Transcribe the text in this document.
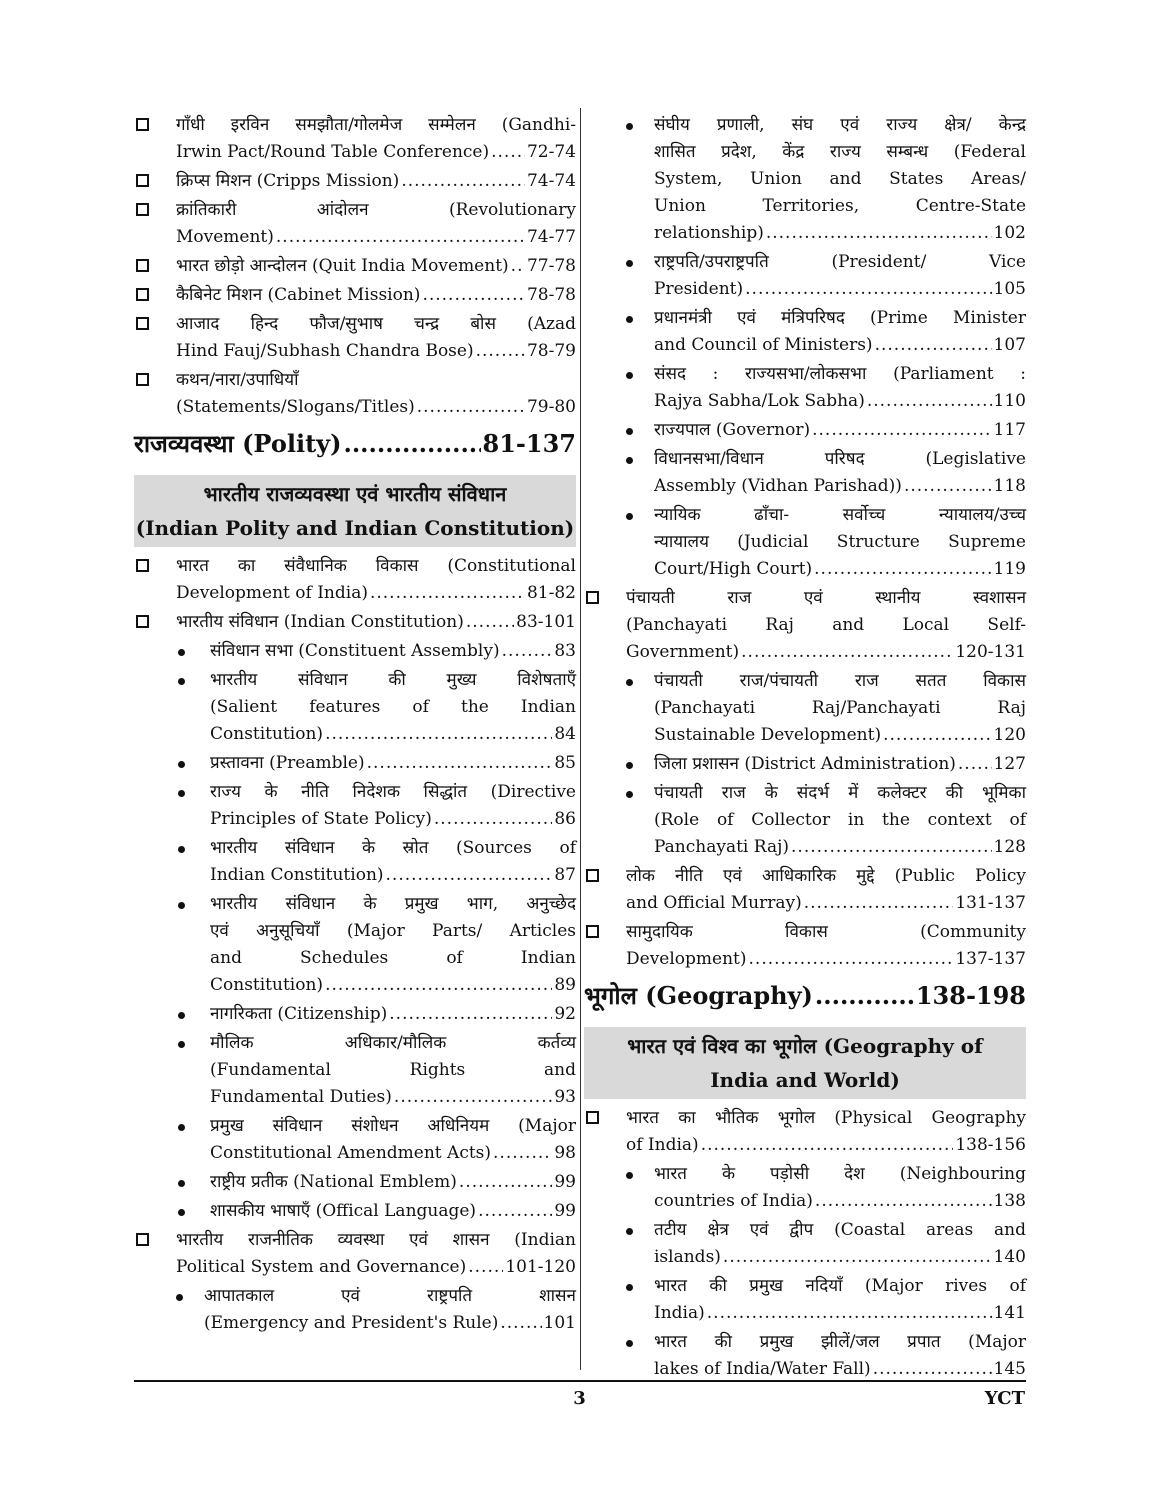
गाँधी इरविन समझौता/गोलमेज सम्मेलन (Gandhi-
Irwin Pact/Round Table Conference) ..... 72-74
क्रिप्स मिशन (Cripps Mission) .....	74-74
क्रांतिकारी आंदोलन (Revolutionary
Movement) .....	74-77
भारत छोड़ो आन्दोलन (Quit India Movement) ..... 77-78
कैबिनेट मिशन (Cabinet Mission) .....	78-78
आजाद हिन्द फौज/सुभाष चन्द्र बोस (Azad
Hind Fauj/Subhash Chandra Bose) .....	78-79
कथन/नारा/उपाधियाँ
(Statements/Slogans/Titles) .....	79-80
राजव्यवस्था (Polity) .....	81-137
भारतीय राजव्यवस्था एवं भारतीय संविधान
(Indian Polity and Indian Constitution)
भारत का संवैधानिक विकास (Constitutional
Development of India) .....	81-82
भारतीय संविधान (Indian Constitution) .....	83-101
संविधान सभा (Constituent Assembly) .....	83
भारतीय संविधान की मुख्य विशेषताएँ
(Salient features of the Indian
Constitution) .....	84
प्रस्तावना (Preamble) .....	85
राज्य के नीति निदेशक सिद्धांत (Directive
Principles of State Policy) .....	86
भारतीय संविधान के स्रोत (Sources of
Indian Constitution) .....	87
भारतीय संविधान के प्रमुख भाग, अनुच्छेद
एवं अनुसूचियाँ (Major Parts/ Articles
and Schedules of Indian
Constitution) .....	89
नागरिकता (Citizenship) .....	92
मौलिक अधिकार/मौलिक कर्तव्य
(Fundamental Rights and
Fundamental Duties) .....	93
प्रमुख संविधान संशोधन अधिनियम (Major
Constitutional Amendment Acts) .....	98
राष्ट्रीय प्रतीक (National Emblem) .....	99
शासकीय भाषाएँ (Offical Language) .....	99
भारतीय राजनीतिक व्यवस्था एवं शासन (Indian
Political System and Governance) ..... 101-120
आपातकाल एवं राष्ट्रपति शासन
(Emergency and President's Rule) .....	101
संघीय प्रणाली, संघ एवं राज्य क्षेत्र/ केन्द्र
शासित प्रदेश, केंद्र राज्य सम्बन्ध (Federal
System, Union and States Areas/
Union Territories, Centre-State
relationship) .....	102
राष्ट्रपति/उपराष्ट्रपति (President/ Vice
President) .....	105
प्रधानमंत्री एवं मंत्रिपरिषद (Prime Minister
and Council of Ministers) .....	107
संसद : राज्यसभा/लोकसभा (Parliament :
Rajya Sabha/Lok Sabha) .....	110
राज्यपाल (Governor) .....	117
विधानसभा/विधान परिषद (Legislative
Assembly (Vidhan Parishad)) .....	118
न्यायिक ढाँचा- सर्वोच्च न्यायालय/उच्च
न्यायालय (Judicial Structure Supreme
Court/High Court) .....	119
पंचायती राज एवं स्थानीय स्वशासन
(Panchayati Raj and Local Self-
Government) .....	120-131
पंचायती राज/पंचायती राज सतत विकास
(Panchayati Raj/Panchayati Raj
Sustainable Development) .....	120
जिला प्रशासन (District Administration) ..... 127
पंचायती राज के संदर्भ में कलेक्टर की भूमिका
(Role of Collector in the context of
Panchayati Raj) .....	128
लोक नीति एवं आधिकारिक मुद्दे (Public Policy
and Official Murray) .....	131-137
सामुदायिक विकास (Community
Development) .....	137-137
भूगोल (Geography) .....	138-198
भारत एवं विश्व का भूगोल (Geography of
India and World)
भारत का भौतिक भूगोल (Physical Geography
of India) .....	138-156
भारत के पड़ोसी देश (Neighbouring
countries of India) .....	138
तटीय क्षेत्र एवं द्वीप (Coastal areas and
islands) .....	140
भारत की प्रमुख नदियाँ (Major rives of
India) .....	141
भारत की प्रमुख झीलें/जल प्रपात (Major
lakes of India/Water Fall) .....	145
3	YCT
